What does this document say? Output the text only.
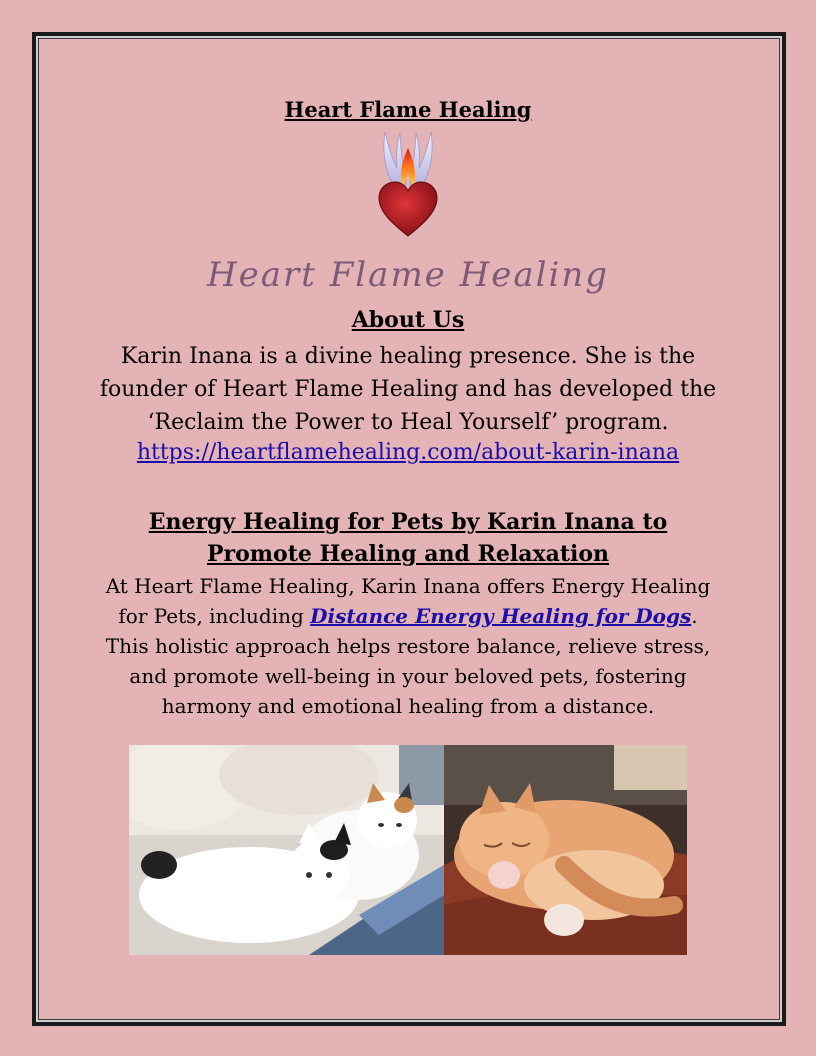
Heart Flame Healing
Heart Flame Healing
About Us
Karin Inana is a divine healing presence. She is the founder of Heart Flame Healing and has developed the ‘Reclaim the Power to Heal Yourself’ program.
https://heartflamehealing.com/about-karin-inana
Energy Healing for Pets by Karin Inana to Promote Healing and Relaxation
At Heart Flame Healing, Karin Inana offers Energy Healing for Pets, including Distance Energy Healing for Dogs. This holistic approach helps restore balance, relieve stress, and promote well-being in your beloved pets, fostering harmony and emotional healing from a distance.
